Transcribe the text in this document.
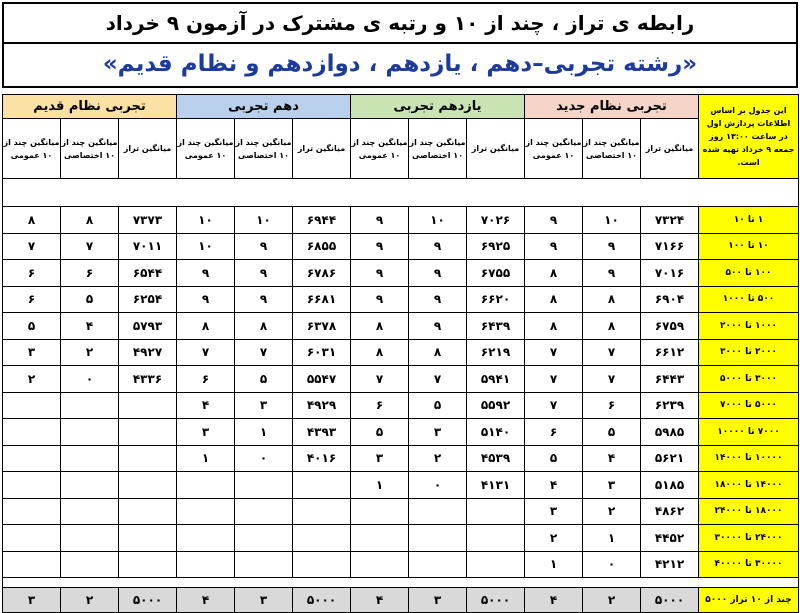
رابطه ی تراز ، چند از ۱۰ و رتبه ی مشترک در آزمون ۹ خرداد
«رشته تجربی–دهم ، یازدهم ، دوازدهم و نظام قدیم»
تجربی نظام قدیم			دهم تجربی			یازدهم تجربی			تجربی نظام جدید			این جدول بر اساس اطلاعات پردازش اول در ساعت ۱۳:۰۰ روز جمعه ۹ خرداد تهیه شده است.
میانگین چند از ۱۰ عمومی	میانگین چند از ۱۰ اختصاصی	میانگین تراز	میانگین چند از ۱۰ عمومی	میانگین چند از ۱۰ اختصاصی	میانگین تراز	میانگین چند از ۱۰ عمومی	میانگین چند از ۱۰ اختصاصی	میانگین تراز	میانگین چند از ۱۰ عمومی	میانگین چند از ۱۰ اختصاصی	میانگین تراز	

۸	۸	۷۳۷۳	۱۰	۱۰	۶۹۴۴	۹	۱۰	۷۰۲۶	۹	۱۰	۷۳۲۴	۱ تا ۱۰
۷	۷	۷۰۱۱	۱۰	۹	۶۸۵۵	۹	۹	۶۹۲۵	۹	۹	۷۱۶۶	۱۰ تا ۱۰۰
۶	۶	۶۵۴۴	۹	۹	۶۷۸۶	۹	۹	۶۷۵۵	۸	۹	۷۰۱۶	۱۰۰ تا ۵۰۰
۶	۵	۶۲۵۴	۹	۹	۶۶۸۱	۹	۹	۶۶۲۰	۸	۸	۶۹۰۴	۵۰۰ تا ۱۰۰۰
۵	۴	۵۷۹۳	۸	۸	۶۳۷۸	۸	۹	۶۴۳۹	۸	۸	۶۷۵۹	۱۰۰۰ تا ۲۰۰۰
۳	۲	۴۹۲۷	۷	۷	۶۰۳۱	۸	۸	۶۲۱۹	۷	۷	۶۶۱۲	۲۰۰۰ تا ۳۰۰۰
۲	۰	۴۳۳۶	۶	۵	۵۵۴۷	۷	۷	۵۹۴۱	۷	۷	۶۴۴۳	۳۰۰۰ تا ۵۰۰۰
			۴	۳	۴۹۲۹	۶	۵	۵۵۹۲	۷	۶	۶۲۳۹	۵۰۰۰ تا ۷۰۰۰
			۳	۱	۴۳۹۳	۵	۳	۵۱۴۰	۶	۵	۵۹۸۵	۷۰۰۰ تا ۱۰۰۰۰
			۱	۰	۴۰۱۶	۳	۲	۴۵۳۹	۵	۴	۵۶۲۱	۱۰۰۰۰ تا ۱۴۰۰۰
						۱	۰	۴۱۳۱	۴	۳	۵۱۸۵	۱۴۰۰۰ تا ۱۸۰۰۰
									۳	۲	۴۸۶۲	۱۸۰۰۰ تا ۲۴۰۰۰
									۲	۱	۴۴۵۲	۲۴۰۰۰ تا ۳۰۰۰۰
									۱	۰	۴۲۱۲	۳۰۰۰۰ تا ۴۰۰۰۰

۳	۲	۵۰۰۰	۴	۳	۵۰۰۰	۴	۳	۵۰۰۰	۴	۲	۵۰۰۰	چند از ۱۰ تراز ۵۰۰۰
